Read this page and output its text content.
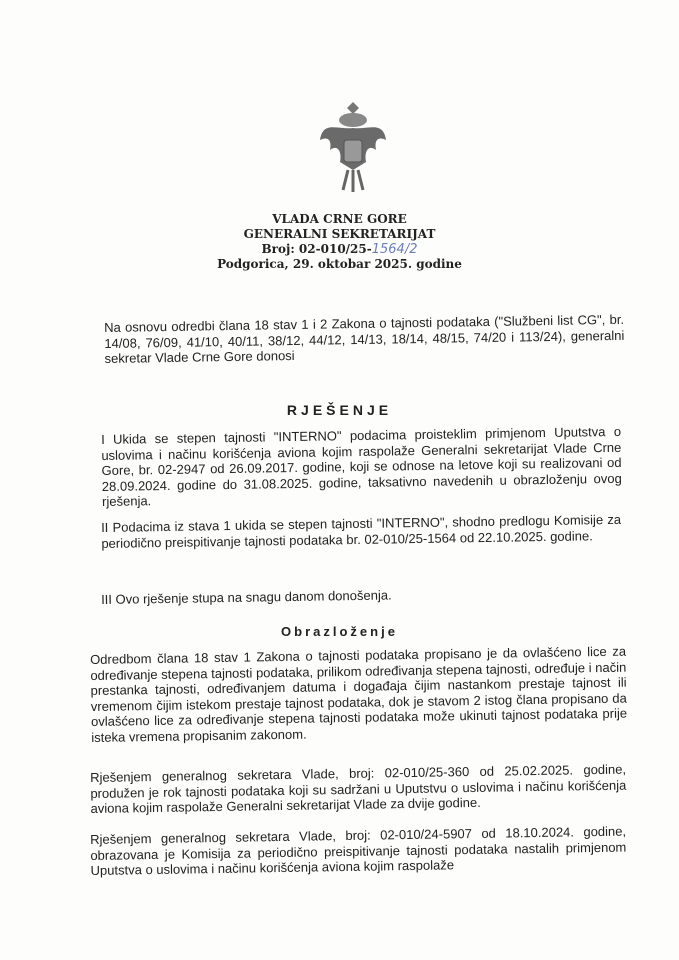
VLADA CRNE GORE
GENERALNI SEKRETARIJAT
Broj: 02-010/25-1564/2
Podgorica, 29. oktobar 2025. godine
Na osnovu odredbi člana 18 stav 1 i 2 Zakona o tajnosti podataka ("Službeni list CG", br. 14/08, 76/09, 41/10, 40/11, 38/12, 44/12, 14/13, 18/14, 48/15, 74/20 i 113/24), generalni sekretar Vlade Crne Gore donosi
RJEŠENJE
I Ukida se stepen tajnosti "INTERNO" podacima proisteklim primjenom Uputstva o uslovima i načinu korišćenja aviona kojim raspolaže Generalni sekretarijat Vlade Crne Gore, br. 02-2947 od 26.09.2017. godine, koji se odnose na letove koji su realizovani od 28.09.2024. godine do 31.08.2025. godine, taksativno navedenih u obrazloženju ovog rješenja.
II Podacima iz stava 1 ukida se stepen tajnosti "INTERNO", shodno predlogu Komisije za periodično preispitivanje tajnosti podataka br. 02-010/25-1564 od 22.10.2025. godine.
III Ovo rješenje stupa na snagu danom donošenja.
Obrazloženje
Odredbom člana 18 stav 1 Zakona o tajnosti podataka propisano je da ovlašćeno lice za određivanje stepena tajnosti podataka, prilikom određivanja stepena tajnosti, određuje i način prestanka tajnosti, određivanjem datuma i događaja čijim nastankom prestaje tajnost ili vremenom čijim istekom prestaje tajnost podataka, dok je stavom 2 istog člana propisano da ovlašćeno lice za određivanje stepena tajnosti podataka može ukinuti tajnost podataka prije isteka vremena propisanim zakonom.
Rješenjem generalnog sekretara Vlade, broj: 02-010/25-360 od 25.02.2025. godine, produžen je rok tajnosti podataka koji su sadržani u Uputstvu o uslovima i načinu korišćenja aviona kojim raspolaže Generalni sekretarijat Vlade za dvije godine.
Rješenjem generalnog sekretara Vlade, broj: 02-010/24-5907 od 18.10.2024. godine, obrazovana je Komisija za periodično preispitivanje tajnosti podataka nastalih primjenom Uputstva o uslovima i načinu korišćenja aviona kojim raspolaže
